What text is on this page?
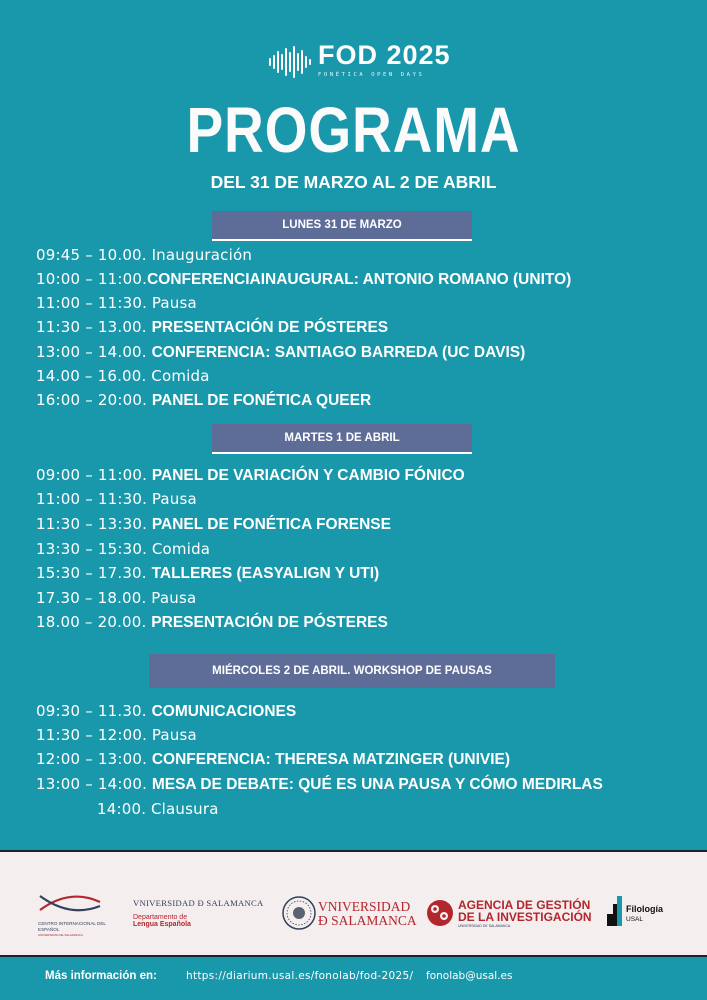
FOD 2025
FONÉTICA OPEN DAYS
PROGRAMA
DEL 31 DE MARZO AL 2 DE ABRIL
LUNES 31 DE MARZO
09:45 – 10.00. Inauguración
10:00 – 11:00.CONFERENCIAINAUGURAL: ANTONIO ROMANO (UNITO)
11:00 – 11:30. Pausa
11:30 – 13.00. PRESENTACIÓN DE PÓSTERES
13:00 – 14.00. CONFERENCIA: SANTIAGO BARREDA (UC DAVIS)
14.00 – 16.00. Comida
16:00 – 20:00. PANEL DE FONÉTICA QUEER
MARTES 1 DE ABRIL
09:00 – 11:00. PANEL DE VARIACIÓN Y CAMBIO FÓNICO
11:00 – 11:30. Pausa
11:30 – 13:30. PANEL DE FONÉTICA FORENSE
13:30 – 15:30. Comida
15:30 – 17.30. TALLERES (EASYALIGN Y UTI)
17.30 – 18.00. Pausa
18.00 – 20.00. PRESENTACIÓN DE PÓSTERES
MIÉRCOLES 2 DE ABRIL. WORKSHOP DE PAUSAS
09:30 – 11.30. COMUNICACIONES
11:30 – 12:00. Pausa
12:00 – 13:00. CONFERENCIA: THERESA MATZINGER (UNIVIE)
13:00 – 14:00. MESA DE DEBATE: QUÉ ES UNA PAUSA Y CÓMO MEDIRLAS
14:00. Clausura
CENTRO INTERNACIONAL DEL ESPAÑOL
UNIVERSIDAD DE SALAMANCA
VNIVERSIDAD Ð SALAMANCA
Departamento de
Lengua Española
VNIVERSIDAD
Ð SALAMANCA
AGENCIA DE GESTIÓN
DE LA INVESTIGACIÓN
UNIVERSIDAD DE SALAMANCA
Filología
USAL
Más información en:	https://diarium.usal.es/fonolab/fod-2025/ fonolab@usal.es
